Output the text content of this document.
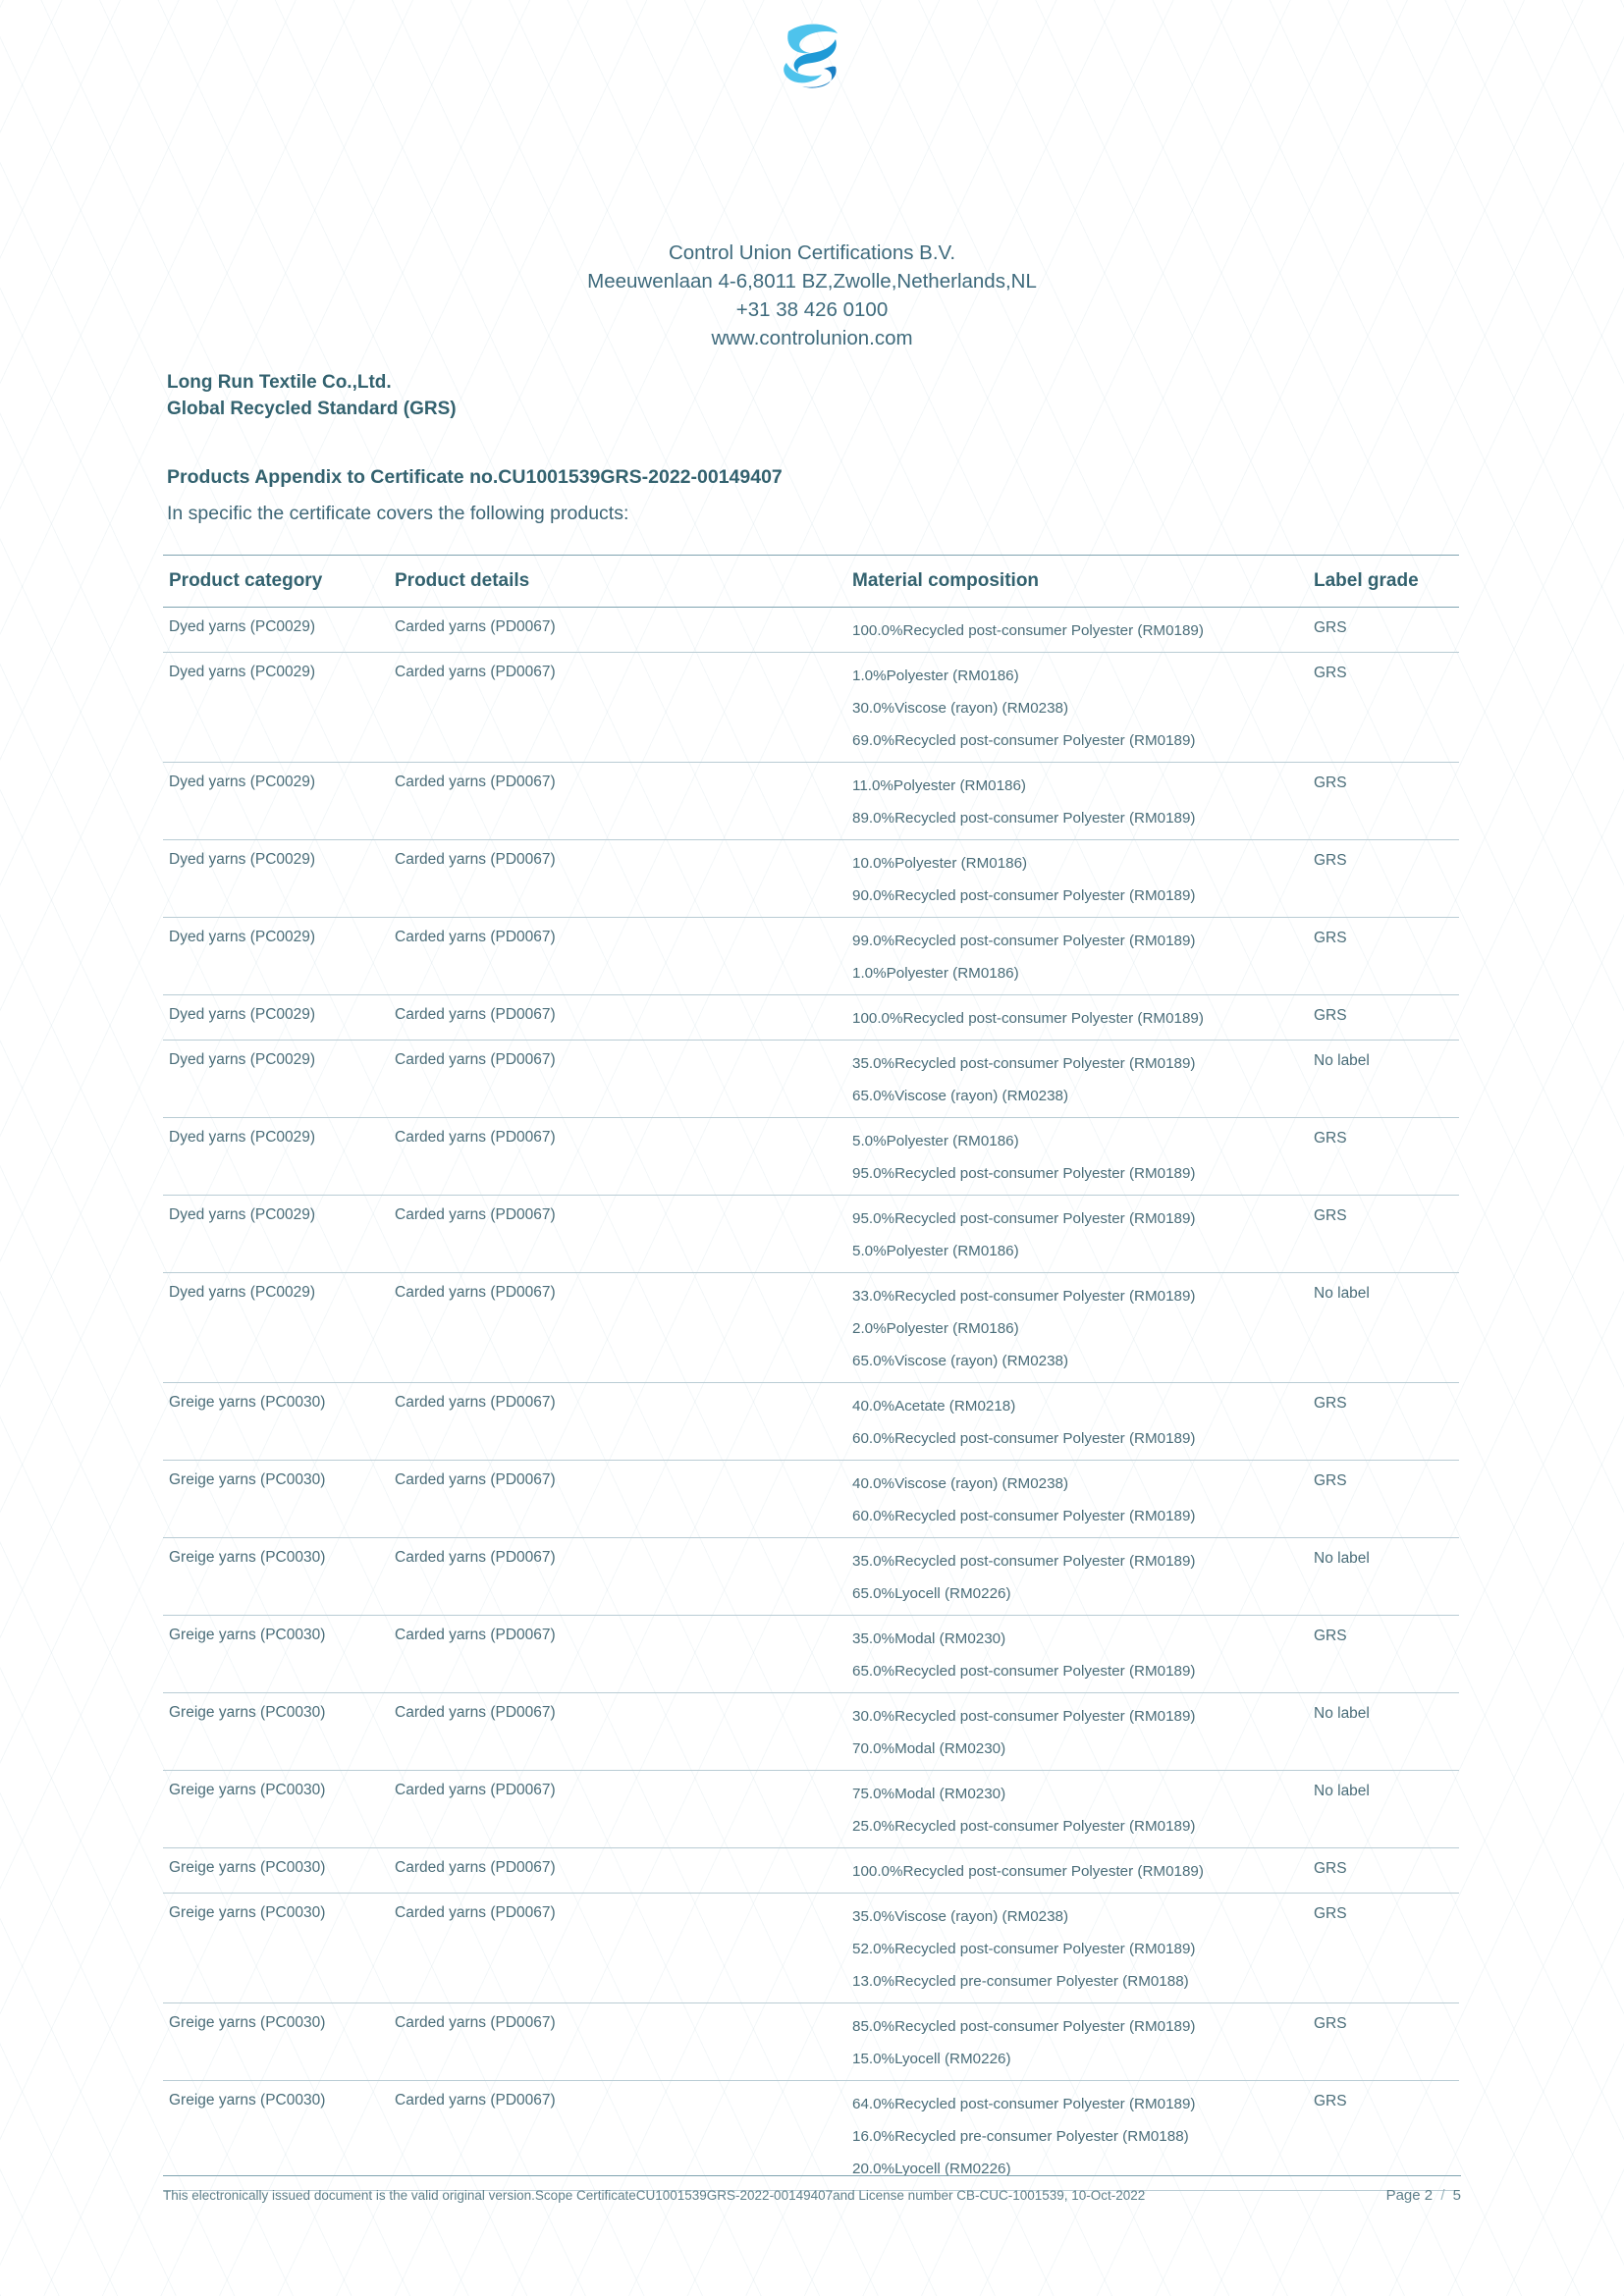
Control Union Certifications B.V.
Meeuwenlaan 4-6,8011 BZ,Zwolle,Netherlands,NL
+31 38 426 0100
www.controlunion.com
Long Run Textile Co.,Ltd.
Global Recycled Standard (GRS)
Products Appendix to Certificate no.CU1001539GRS-2022-00149407
In specific the certificate covers the following products:
Product category	Product details	Material composition	Label grade
Dyed yarns (PC0029)	Carded yarns (PD0067)	100.0%Recycled post-consumer Polyester (RM0189)	GRS
Dyed yarns (PC0029)	Carded yarns (PD0067)	1.0%Polyester (RM0186)
30.0%Viscose (rayon) (RM0238)
69.0%Recycled post-consumer Polyester (RM0189)
GRS
Dyed yarns (PC0029)	Carded yarns (PD0067)	11.0%Polyester (RM0186)
89.0%Recycled post-consumer Polyester (RM0189)
GRS
Dyed yarns (PC0029)	Carded yarns (PD0067)	10.0%Polyester (RM0186)
90.0%Recycled post-consumer Polyester (RM0189)
GRS
Dyed yarns (PC0029)	Carded yarns (PD0067)	99.0%Recycled post-consumer Polyester (RM0189)
1.0%Polyester (RM0186)
GRS
Dyed yarns (PC0029)	Carded yarns (PD0067)	100.0%Recycled post-consumer Polyester (RM0189)	GRS
Dyed yarns (PC0029)	Carded yarns (PD0067)	35.0%Recycled post-consumer Polyester (RM0189)
65.0%Viscose (rayon) (RM0238)
No label
Dyed yarns (PC0029)	Carded yarns (PD0067)	5.0%Polyester (RM0186)
95.0%Recycled post-consumer Polyester (RM0189)
GRS
Dyed yarns (PC0029)	Carded yarns (PD0067)	95.0%Recycled post-consumer Polyester (RM0189)
5.0%Polyester (RM0186)
GRS
Dyed yarns (PC0029)	Carded yarns (PD0067)	33.0%Recycled post-consumer Polyester (RM0189)
2.0%Polyester (RM0186)
65.0%Viscose (rayon) (RM0238)
No label
Greige yarns (PC0030)	Carded yarns (PD0067)	40.0%Acetate (RM0218)
60.0%Recycled post-consumer Polyester (RM0189)
GRS
Greige yarns (PC0030)	Carded yarns (PD0067)	40.0%Viscose (rayon) (RM0238)
60.0%Recycled post-consumer Polyester (RM0189)
GRS
Greige yarns (PC0030)	Carded yarns (PD0067)	35.0%Recycled post-consumer Polyester (RM0189)
65.0%Lyocell (RM0226)
No label
Greige yarns (PC0030)	Carded yarns (PD0067)	35.0%Modal (RM0230)
65.0%Recycled post-consumer Polyester (RM0189)
GRS
Greige yarns (PC0030)	Carded yarns (PD0067)	30.0%Recycled post-consumer Polyester (RM0189)
70.0%Modal (RM0230)
No label
Greige yarns (PC0030)	Carded yarns (PD0067)	75.0%Modal (RM0230)
25.0%Recycled post-consumer Polyester (RM0189)
No label
Greige yarns (PC0030)	Carded yarns (PD0067)	100.0%Recycled post-consumer Polyester (RM0189)	GRS
Greige yarns (PC0030)	Carded yarns (PD0067)	35.0%Viscose (rayon) (RM0238)
52.0%Recycled post-consumer Polyester (RM0189)
13.0%Recycled pre-consumer Polyester (RM0188)
GRS
Greige yarns (PC0030)	Carded yarns (PD0067)	85.0%Recycled post-consumer Polyester (RM0189)
15.0%Lyocell (RM0226)
GRS
Greige yarns (PC0030)	Carded yarns (PD0067)	64.0%Recycled post-consumer Polyester (RM0189)
16.0%Recycled pre-consumer Polyester (RM0188)
20.0%Lyocell (RM0226)
GRS
This electronically issued document is the valid original version.Scope CertificateCU1001539GRS-2022-00149407and License number CB-CUC-1001539, 10-Oct-2022	Page 2 / 5
